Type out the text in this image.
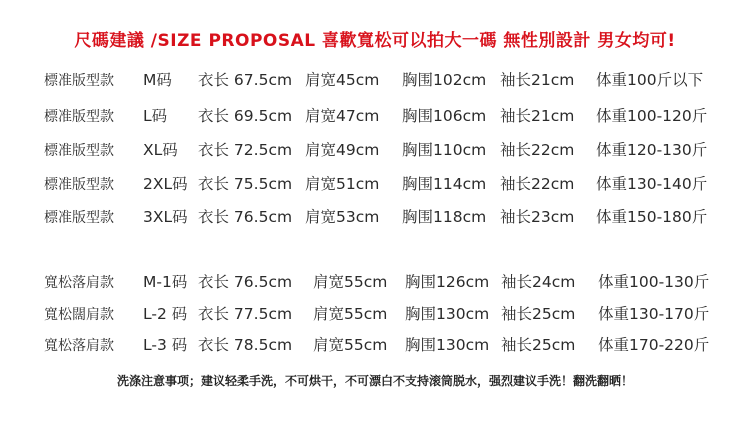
尺碼建議 /SIZE PROPOSAL 喜歡寬松可以拍大一碼 無性別設計 男女均可!
標准版型款 M码 衣长 67.5cm 肩宽45cm 胸围102cm 袖长21cm 体重100斤以下
標准版型款 L码 衣长 69.5cm 肩宽47cm 胸围106cm 袖长21cm 体重100-120斤
標准版型款 XL码 衣长 72.5cm 肩宽49cm 胸围110cm 袖长22cm 体重120-130斤
標准版型款 2XL码 衣长 75.5cm 肩宽51cm 胸围114cm 袖长22cm 体重130-140斤
標准版型款 3XL码 衣长 76.5cm 肩宽53cm 胸围118cm 袖长23cm 体重150-180斤
寬松落肩款 M-1码 衣长 76.5cm 肩宽55cm 胸围126cm 袖长24cm 体重100-130斤
寬松闊肩款 L-2 码 衣长 77.5cm 肩宽55cm 胸围130cm 袖长25cm 体重130-170斤
寬松落肩款 L-3 码 衣长 78.5cm 肩宽55cm 胸围130cm 袖长25cm 体重170-220斤
洗涤注意事项；建议轻柔手洗，不可烘干，不可漂白不支持滚筒脱水，强烈建议手洗！翻洗翻晒！
